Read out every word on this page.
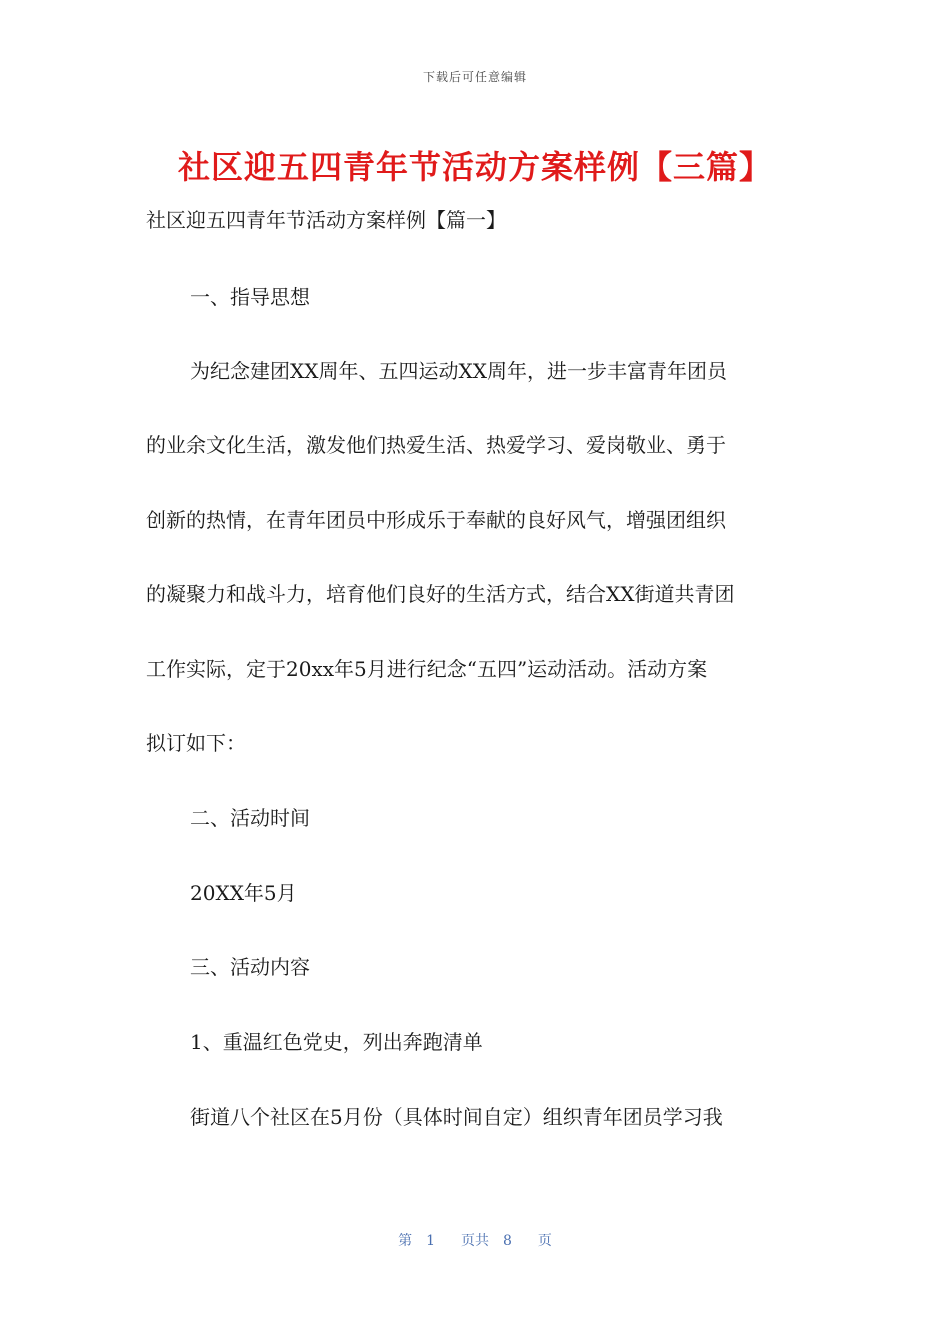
下载后可任意编辑
社区迎五四青年节活动方案样例【三篇】

社区迎五四青年节活动方案样例【篇一】

一、指导思想

为纪念建团XX周年、五四运动XX周年，进一步丰富青年团员

的业余文化生活，激发他们热爱生活、热爱学习、爱岗敬业、勇于

创新的热情，在青年团员中形成乐于奉献的良好风气，增强团组织

的凝聚力和战斗力，培育他们良好的生活方式，结合XX街道共青团

工作实际，定于20xx年5月进行纪念“五四”运动活动。活动方案

拟订如下：

二、活动时间

20XX年5月

三、活动内容

1、重温红色党史，列出奔跑清单

街道八个社区在5月份（具体时间自定）组织青年团员学习我

第 1 页共 8 页
